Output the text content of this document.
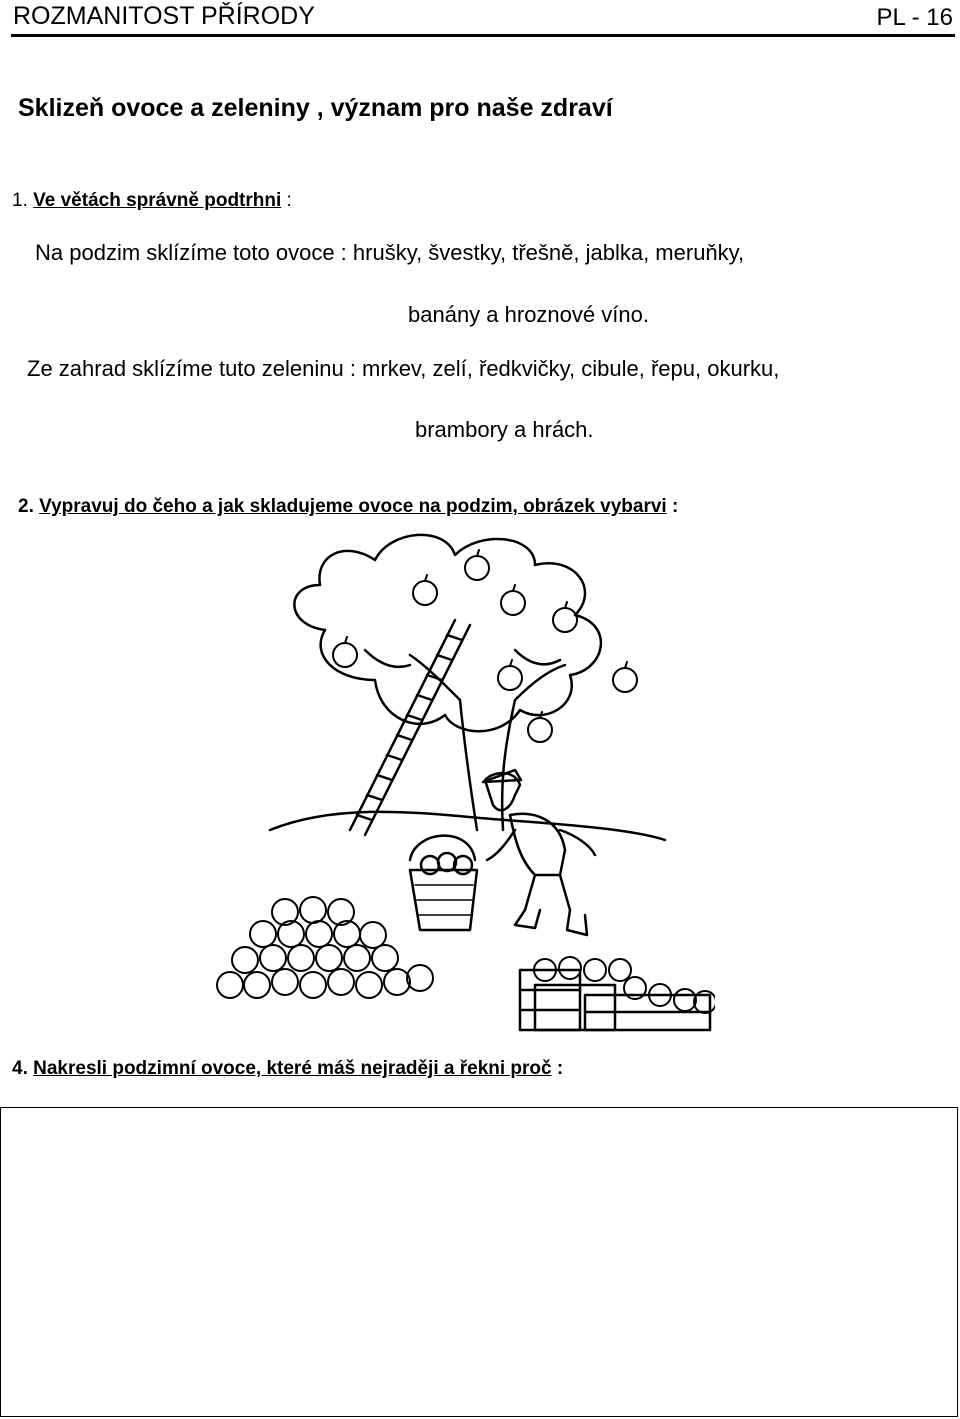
ROZMANITOST PŘÍRODY	PL - 16
Sklizeň ovoce a zeleniny , význam pro naše zdraví
1. Ve větách správně podtrhni :
Na podzim sklízíme toto ovoce : hrušky, švestky, třešně, jablka, meruňky,
banány a hroznové víno.
Ze zahrad sklízíme tuto zeleninu : mrkev, zelí, ředkvičky, cibule, řepu, okurku,
brambory a hrách.
2. Vypravuj do čeho a jak skladujeme ovoce na podzim, obrázek vybarvi :
4. Nakresli podzimní ovoce, které máš nejraději a řekni proč :
